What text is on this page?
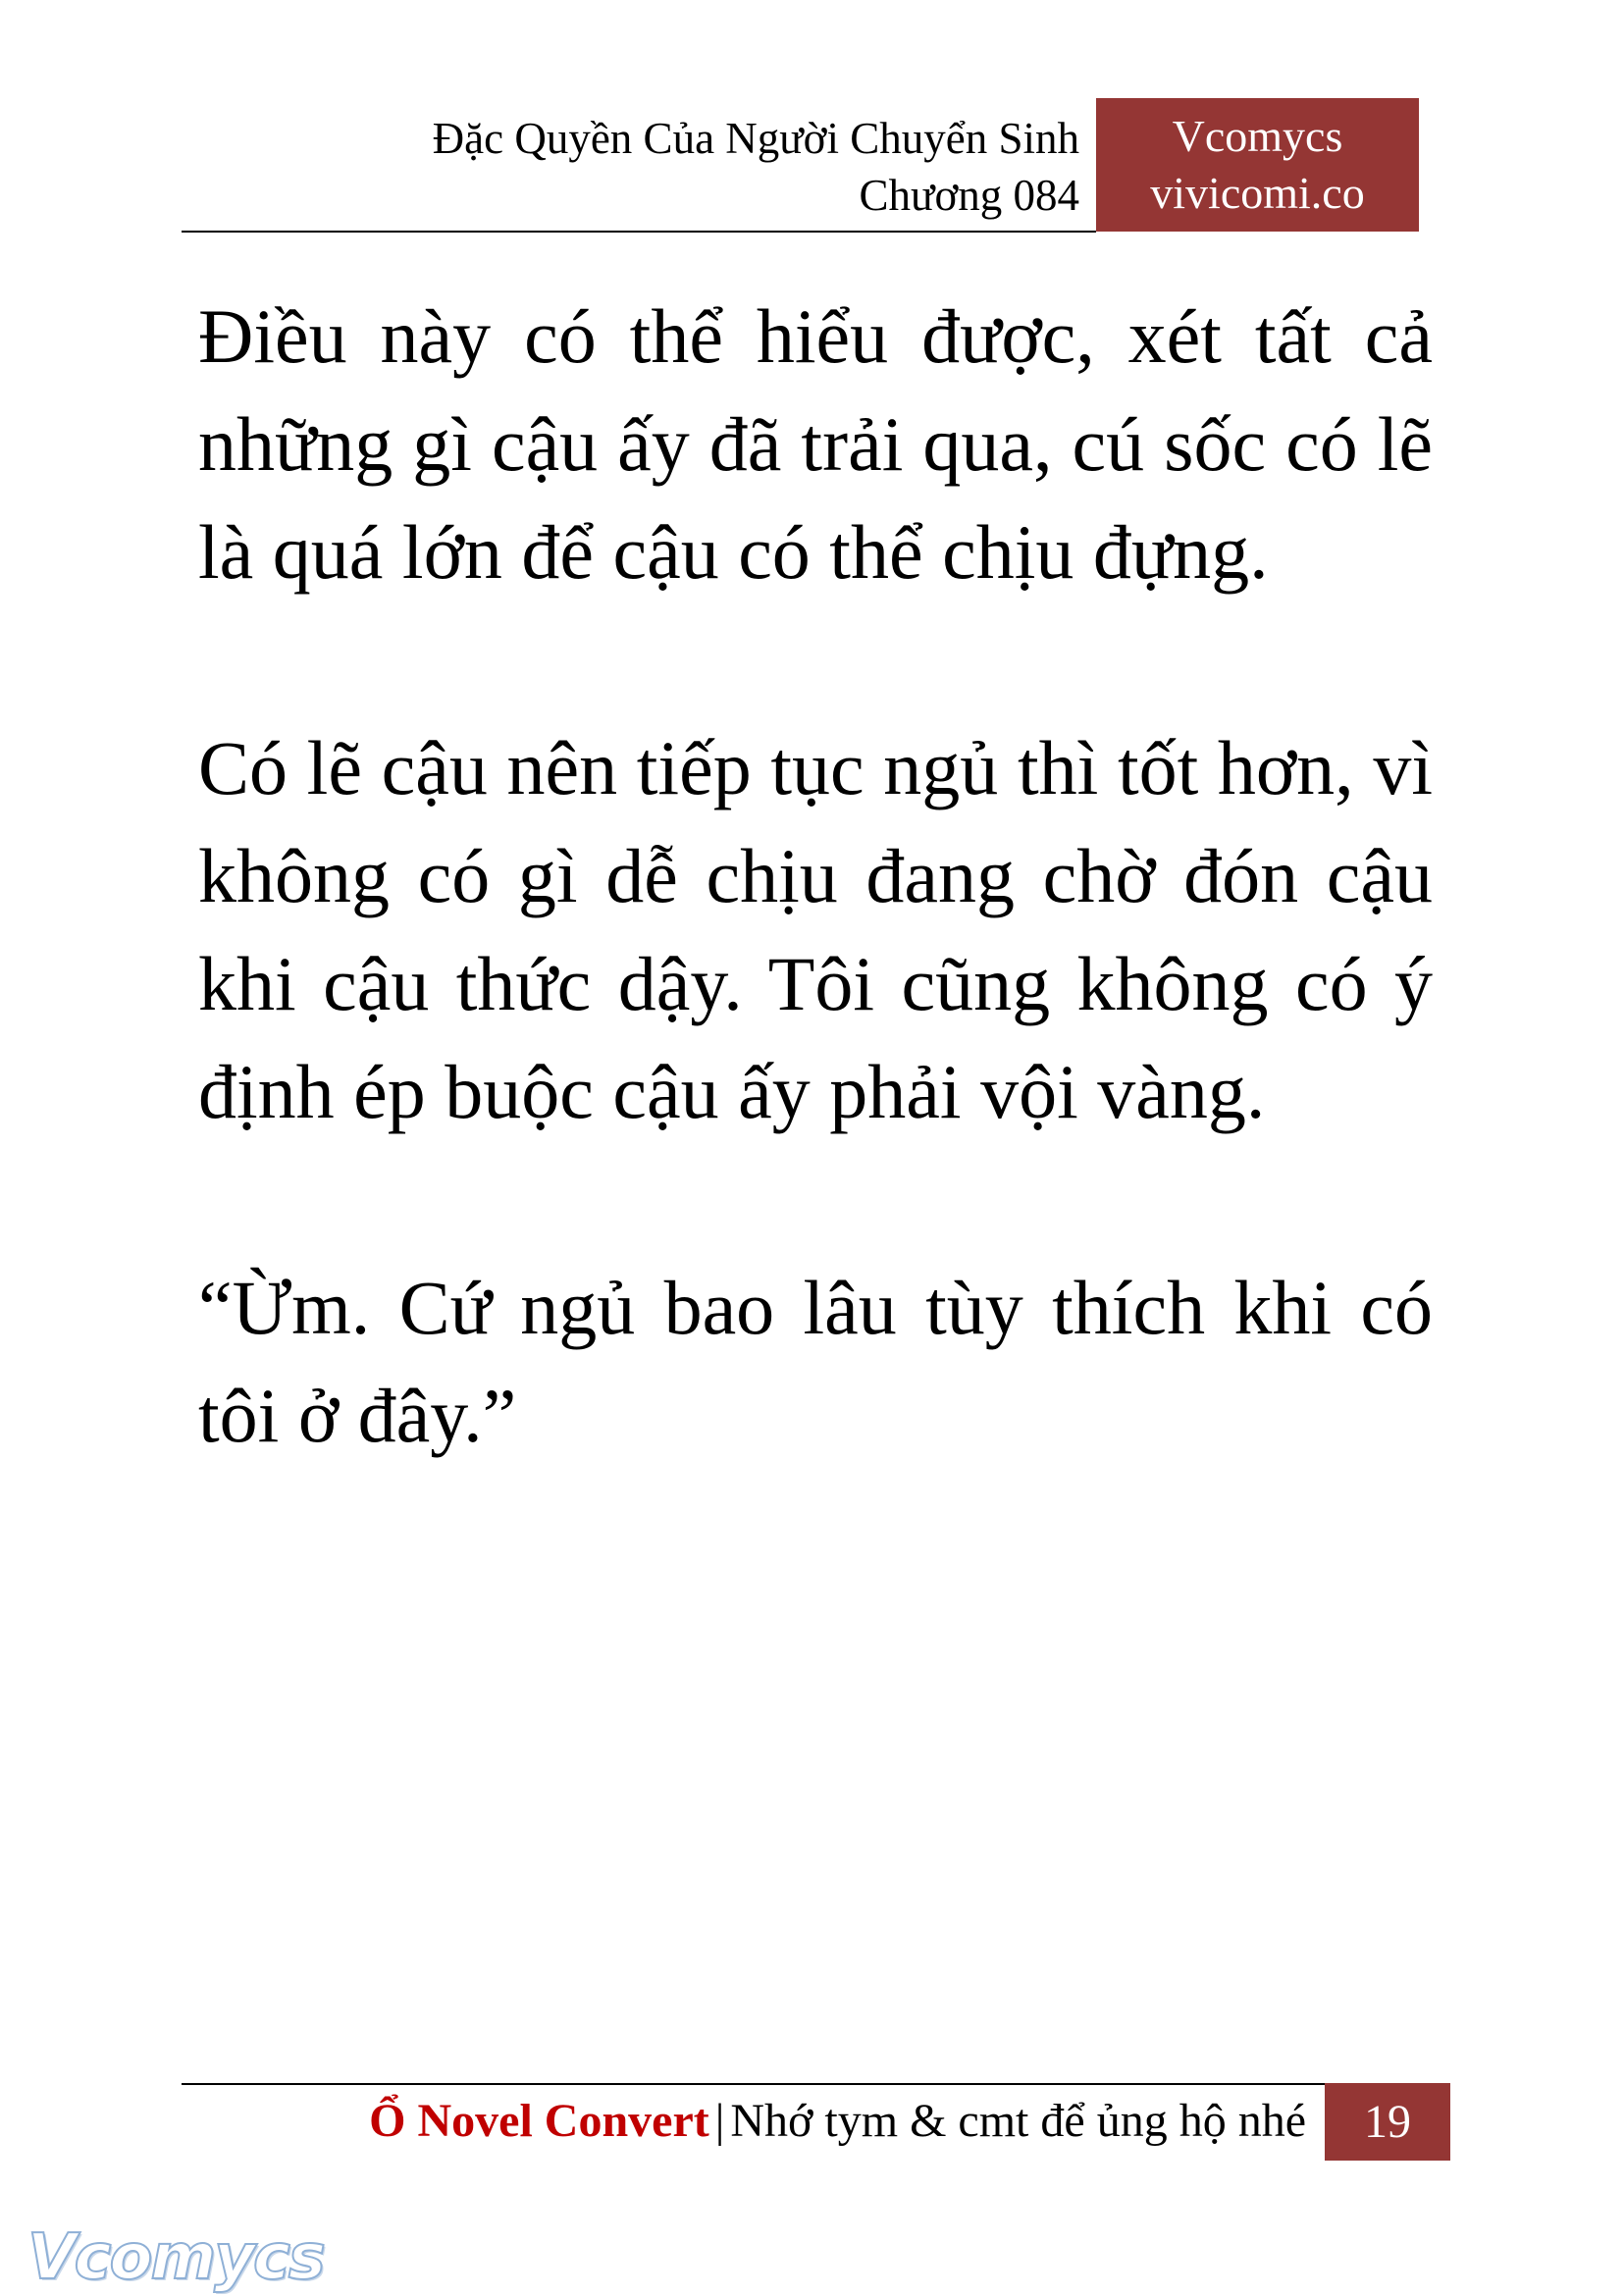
Đặc Quyền Của Người Chuyển Sinh
Chương 084
Vcomycs
vivicomi.co

Điều này có thể hiểu được, xét tất cả những gì cậu ấy đã trải qua, cú sốc có lẽ là quá lớn để cậu có thể chịu đựng.

Có lẽ cậu nên tiếp tục ngủ thì tốt hơn, vì không có gì dễ chịu đang chờ đón cậu khi cậu thức dậy. Tôi cũng không có ý định ép buộc cậu ấy phải vội vàng.

“Ừm. Cứ ngủ bao lâu tùy thích khi có tôi ở đây.”

Ổ Novel Convert | Nhớ tym & cmt để ủng hộ nhé	19
Vcomycs
